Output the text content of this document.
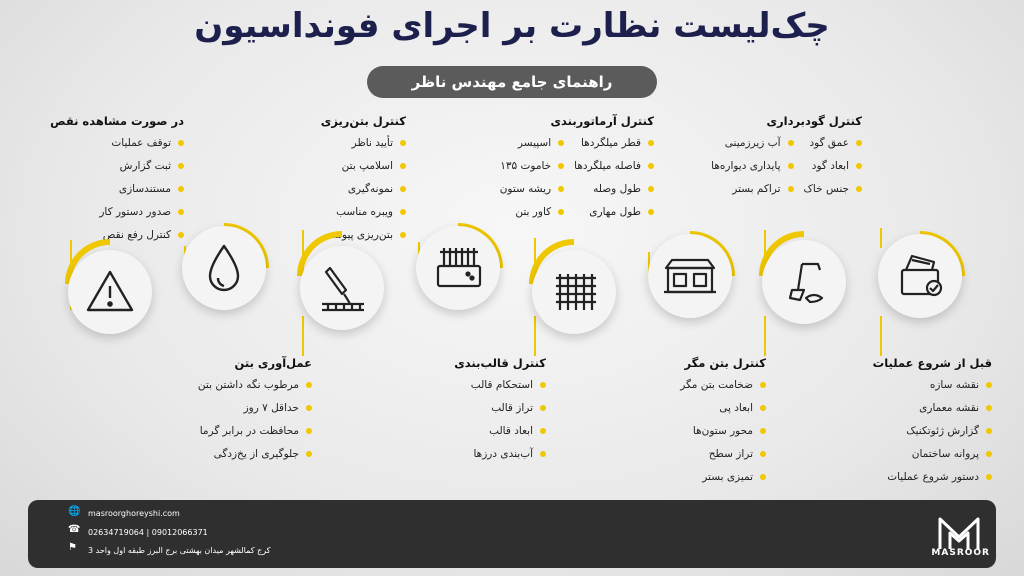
چک‌لیست نظارت بر اجرای فونداسیون
راهنمای جامع مهندس ناظر
کنترل گودبرداری
عمق گود
ابعاد گود
جنس خاک
آب زیرزمینی
پایداری دیواره‌ها
تراکم بستر
کنترل آرماتوربندی
قطر میلگردها
فاصله میلگردها
طول وصله
طول مهاری
اسپیسر
خاموت ۱۳۵
ریشه ستون
کاور بتن
کنترل بتن‌ریزی
تأیید ناظر
اسلامپ بتن
نمونه‌گیری
ویبره مناسب
بتن‌ریزی پیوسته
در صورت مشاهده نقص
توقف عملیات
ثبت گزارش
مستندسازی
صدور دستور کار
کنترل رفع نقص
قبل از شروع عملیات
نقشه سازه
نقشه معماری
گزارش ژئوتکنیک
پروانه ساختمان
دستور شروع عملیات
کنترل بتن مگر
ضخامت بتن مگر
ابعاد پی
محور ستون‌ها
تراز سطح
تمیزی بستر
کنترل قالب‌بندی
استحکام قالب
تراز قالب
ابعاد قالب
آب‌بندی درزها
عمل‌آوری بتن
مرطوب نگه داشتن بتن
حداقل ۷ روز
محافظت در برابر گرما
جلوگیری از یخ‌زدگی
🌐 masroorghoreyshi.com
☎ 02634719064 | 09012066371
⚑ کرج کمالشهر میدان بهشتی برج البرز طبقه اول واحد 3	MASROOR
